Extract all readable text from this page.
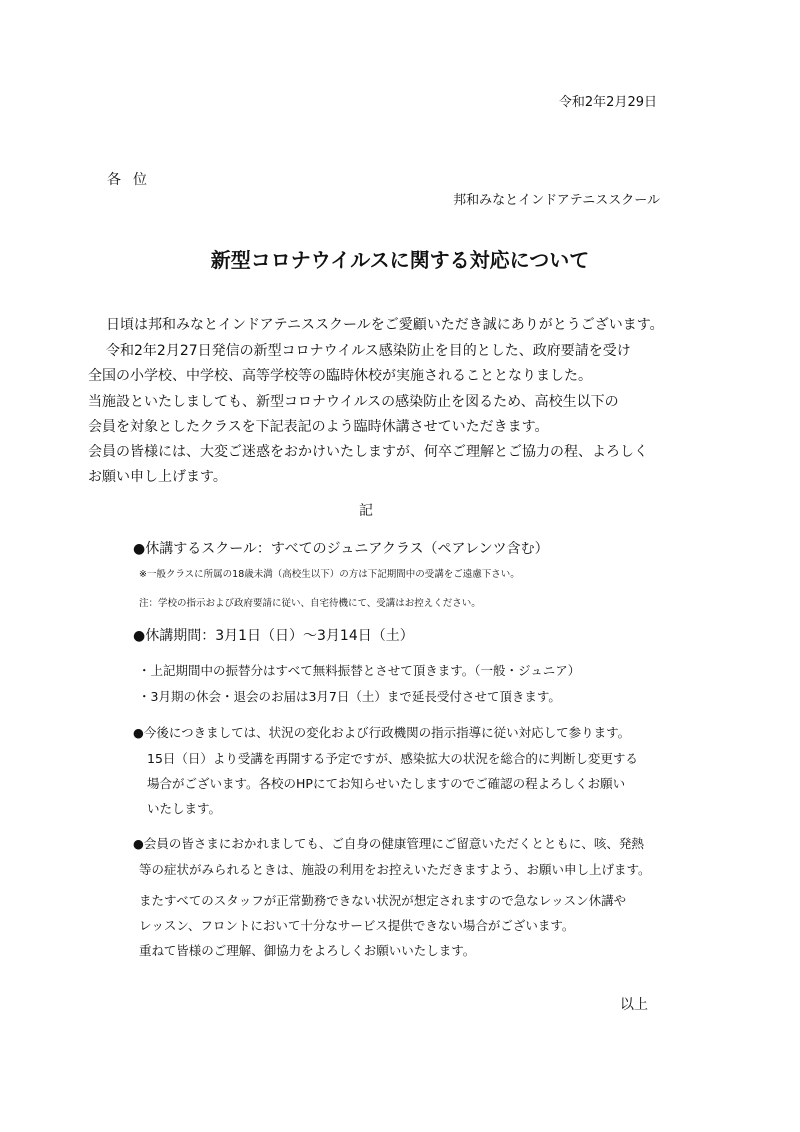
令和2年2月29日
各位
邦和みなとインドアテニススクール
新型コロナウイルスに関する対応について
　日頃は邦和みなとインドアテニススクールをご愛顧いただき誠にありがとうございます。
　令和2年2月27日発信の新型コロナウイルス感染防止を目的とした、政府要請を受け
全国の小学校、中学校、高等学校等の臨時休校が実施されることとなりました。
当施設といたしましても、新型コロナウイルスの感染防止を図るため、高校生以下の
会員を対象としたクラスを下記表記のよう臨時休講させていただきます。
会員の皆様には、大変ご迷惑をおかけいたしますが、何卒ご理解とご協力の程、よろしく
お願い申し上げます。
記
●休講するスクール：すべてのジュニアクラス（ペアレンツ含む）
※一般クラスに所属の18歳未満（高校生以下）の方は下記期間中の受講をご遠慮下さい。
注：学校の指示および政府要請に従い、自宅待機にて、受講はお控えください。
●休講期間：3月1日（日）〜3月14日（土）
・上記期間中の振替分はすべて無料振替とさせて頂きます。（一般・ジュニア）
・3月期の休会・退会のお届は3月7日（土）まで延長受付させて頂きます。
●今後につきましては、状況の変化および行政機関の指示指導に従い対応して参ります。
15日（日）より受講を再開する予定ですが、感染拡大の状況を総合的に判断し変更する
場合がございます。各校のHPにてお知らせいたしますのでご確認の程よろしくお願い
いたします。
●会員の皆さまにおかれましても、ご自身の健康管理にご留意いただくとともに、咳、発熱
等の症状がみられるときは、施設の利用をお控えいただきますよう、お願い申し上げます。
またすべてのスタッフが正常勤務できない状況が想定されますので急なレッスン休講や
レッスン、フロントにおいて十分なサービス提供できない場合がございます。
重ねて皆様のご理解、御協力をよろしくお願いいたします。
以上
